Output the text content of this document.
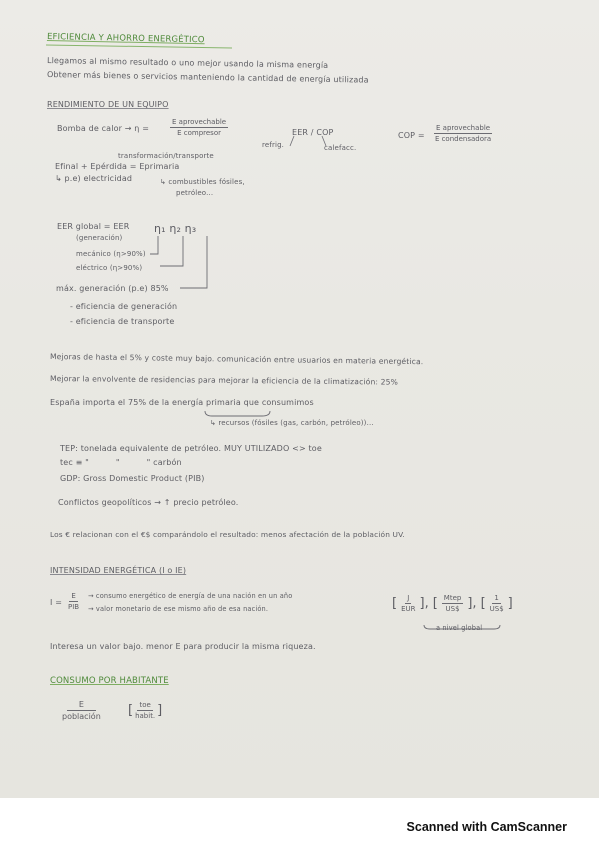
EFICIENCIA Y AHORRO ENERGÉTICO
Llegamos al mismo resultado o uno mejor usando la misma energía
Obtener más bienes o servicios manteniendo la cantidad de energía utilizada
RENDIMIENTO DE UN EQUIPO
Bomba de calor → η =
E aprovechable
E compresor	EER / COP
refrig.	calefacc.
COP =
E aprovechable
E condensadora
transformación/transporte
Efinal + Epérdida = Eprimaria
↳ p.e) electricidad	↳ combustibles fósiles,
petróleo...
EER global = EER η₁ η₂ η₃
(generación)
mecánico (η>90%)
eléctrico (η>90%)
máx. generación (p.e) 85%
- eficiencia de generación
- eficiencia de transporte
Mejoras de hasta el 5% y coste muy bajo. comunicación entre usuarios en materia energética.
Mejorar la envolvente de residencias para mejorar la eficiencia de la climatización: 25%
España importa el 75% de la energía primaria que consumimos
↳ recursos (fósiles (gas, carbón, petróleo))...
TEP: tonelada equivalente de petróleo. MUY UTILIZADO <> toe
tec ≡ "          "          " carbón
GDP: Gross Domestic Product (PIB)
Conflictos geopolíticos → ↑ precio petróleo.
Los € relacionan con el €$ comparándolo el resultado: menos afectación de la población UV.
INTENSIDAD ENERGÉTICA (I o IE)
I =
E
PIB
→ consumo energético de energía de una nación en un año
→ valor monetario de ese mismo año de esa nación.	[ $\frac{J}{\text{EUR}}$ ], [ $\frac{\text{Mtep}}{US\$}$ ], [ $\frac{1}{US\$}$ ]
a nivel global
Interesa un valor bajo. menor E para producir la misma riqueza.
CONSUMO POR HABITANTE
E
población [ $\frac{\text{toe}}{\text{habit.}}$ ]
Scanned with CamScanner
